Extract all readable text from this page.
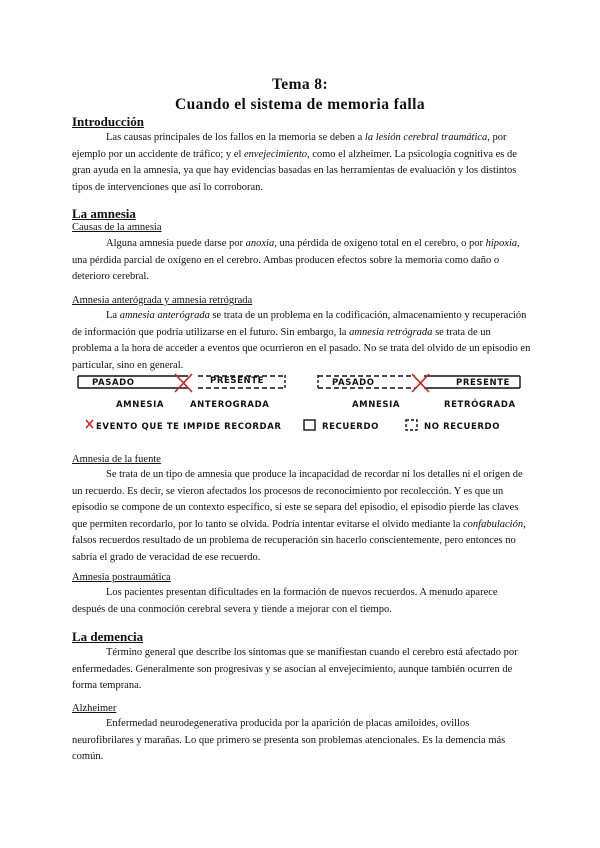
Tema 8:
Cuando el sistema de memoria falla
Introducción
Las causas principales de los fallos en la memoria se deben a la lesión cerebral traumática, por ejemplo por un accidente de tráfico; y el envejecimiento, como el alzheimer. La psicología cognitiva es de gran ayuda en la amnesia, ya que hay evidencias basadas en las herramientas de evaluación y los distintos tipos de intervenciones que así lo corroboran.
La amnesia
Causas de la amnesia
Alguna amnesia puede darse por anoxia, una pérdida de oxígeno total en el cerebro, o por hipoxia, una pérdida parcial de oxígeno en el cerebro. Ambas producen efectos sobre la memoria como daño o deterioro cerebral.
Amnesia anterógrada y amnesia retrógrada
La amnesia anterógrada se trata de un problema en la codificación, almacenamiento y recuperación de información que podría utilizarse en el futuro. Sin embargo, la amnesia retrógrada se trata de un problema a la hora de acceder a eventos que ocurrieron en el pasado. No se trata del olvido de un episodio en particular, sino en general.
PASADO	PRESENTE
AMNESIA	ANTEROGRADA
PASADO	PRESENTE
AMNESIA	RETRÓGRADA
EVENTO QUE TE IMPIDE RECORDAR	RECUERDO	NO RECUERDO
Amnesia de la fuente
Se trata de un tipo de amnesia que produce la incapacidad de recordar ni los detalles ni el origen de un recuerdo. Es decir, se vieron afectados los procesos de reconocimiento por recolección. Y es que un episodio se compone de un contexto específico, si este se separa del episodio, el episodio pierde las claves que permiten recordarlo, por lo tanto se olvida. Podría intentar evitarse el olvido mediante la confabulación, falsos recuerdos resultado de un problema de recuperación sin hacerlo conscientemente, pero entonces no sabría el grado de veracidad de ese recuerdo.
Amnesia postraumática
Los pacientes presentan dificultades en la formación de nuevos recuerdos. A menudo aparece después de una conmoción cerebral severa y tiende a mejorar con el tiempo.
La demencia
Término general que describe los síntomas que se manifiestan cuando el cerebro está afectado por enfermedades. Generalmente son progresivas y se asocian al envejecimiento, aunque también ocurren de forma temprana.
Alzheimer
Enfermedad neurodegenerativa producida por la aparición de placas amiloides, ovillos neurofibrilares y marañas. Lo que primero se presenta son problemas atencionales. Es la demencia más común.
